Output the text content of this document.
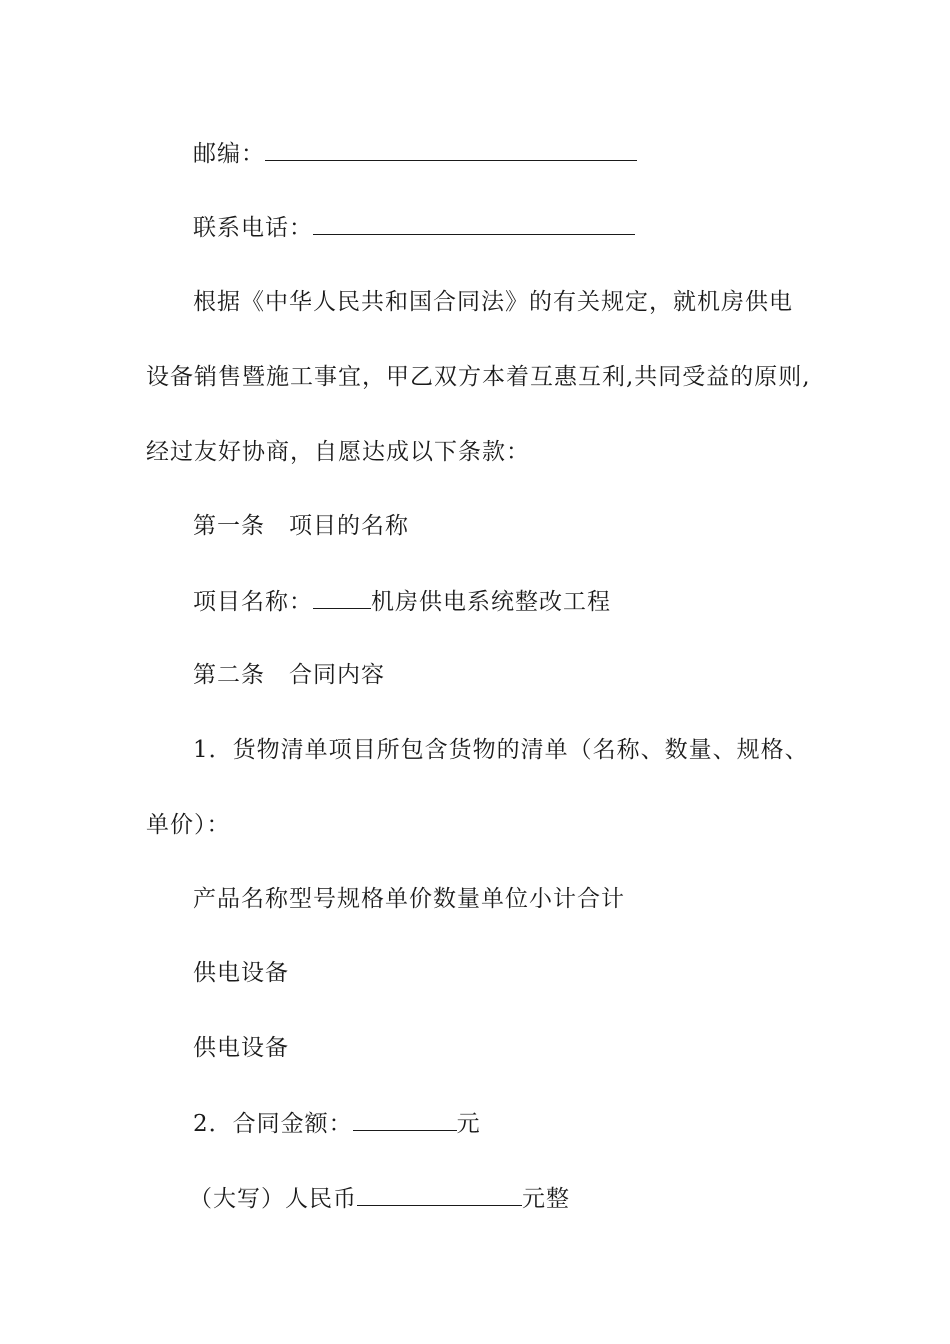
邮编：
联系电话：
根据《中华人民共和国合同法》的有关规定，就机房供电
设备销售暨施工事宜，甲乙双方本着互惠互利,共同受益的原则,
经过友好协商，自愿达成以下条款：
第一条　项目的名称
项目名称：	机房供电系统整改工程
第二条　合同内容
1．货物清单项目所包含货物的清单（名称、数量、规格、
单价）：
产品名称型号规格单价数量单位小计合计
供电设备
供电设备
2．合同金额：	元
（大写）人民币	元整
